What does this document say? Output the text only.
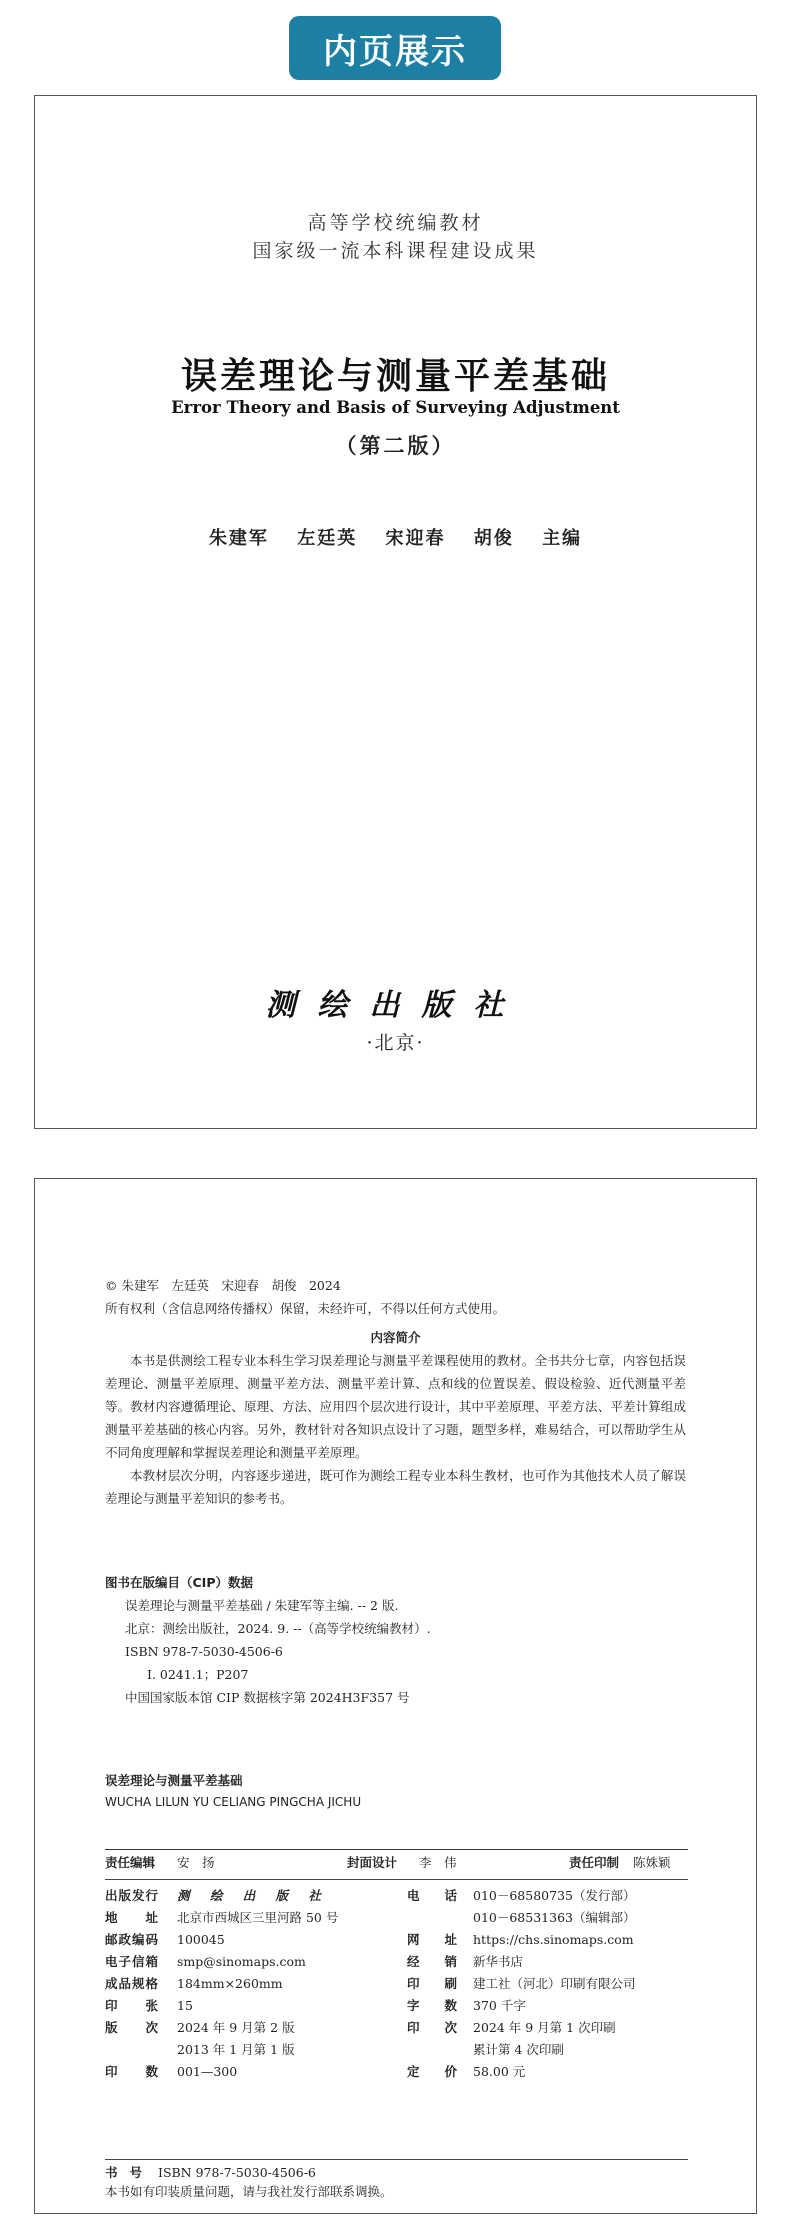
内页展示
高等学校统编教材
国家级一流本科课程建设成果
误差理论与测量平差基础
Error Theory and Basis of Surveying Adjustment
（第二版）
朱建军 左廷英 宋迎春 胡俊 主编
测绘出版社
·北京·
© 朱建军　左廷英　宋迎春　胡俊　2024
所有权利（含信息网络传播权）保留，未经许可，不得以任何方式使用。
内容简介

本书是供测绘工程专业本科生学习误差理论与测量平差课程使用的教材。全书共分七章，内容包括误差理论、测量平差原理、测量平差方法、测量平差计算、点和线的位置误差、假设检验、近代测量平差等。教材内容遵循理论、原理、方法、应用四个层次进行设计，其中平差原理、平差方法、平差计算组成测量平差基础的核心内容。另外，教材针对各知识点设计了习题，题型多样，难易结合，可以帮助学生从不同角度理解和掌握误差理论和测量平差原理。

本教材层次分明，内容逐步递进，既可作为测绘工程专业本科生教材，也可作为其他技术人员了解误差理论与测量平差知识的参考书。

图书在版编目（CIP）数据
误差理论与测量平差基础 / 朱建军等主编. -- 2 版.
北京：测绘出版社，2024. 9. --（高等学校统编教材）.
ISBN 978-7-5030-4506-6
Ⅰ. 0241.1；P207
中国国家版本馆 CIP 数据核字第 2024H3F357 号
误差理论与测量平差基础
WUCHA LILUN YU CELIANG PINGCHA JICHU
责任编辑	安　扬	封面设计	李　伟	责任印制	陈姝颖
出版发行	测 绘 出 版 社	电　　话	010－68580735（发行部）
地　　址	北京市西城区三里河路 50 号		010－68531363（编辑部）
邮政编码	100045	网　　址	https://chs.sinomaps.com
电子信箱	smp@sinomaps.com	经　　销	新华书店
成品规格	184mm×260mm	印　　刷	建工社（河北）印刷有限公司
印　　张	15	字　　数	370 千字
版　　次	2024 年 9 月第 2 版	印　　次	2024 年 9 月第 1 次印刷
	2013 年 1 月第 1 版		累计第 4 次印刷
印　　数	001—300	定　　价	58.00 元
书号 ISBN 978-7-5030-4506-6
本书如有印装质量问题，请与我社发行部联系调换。
